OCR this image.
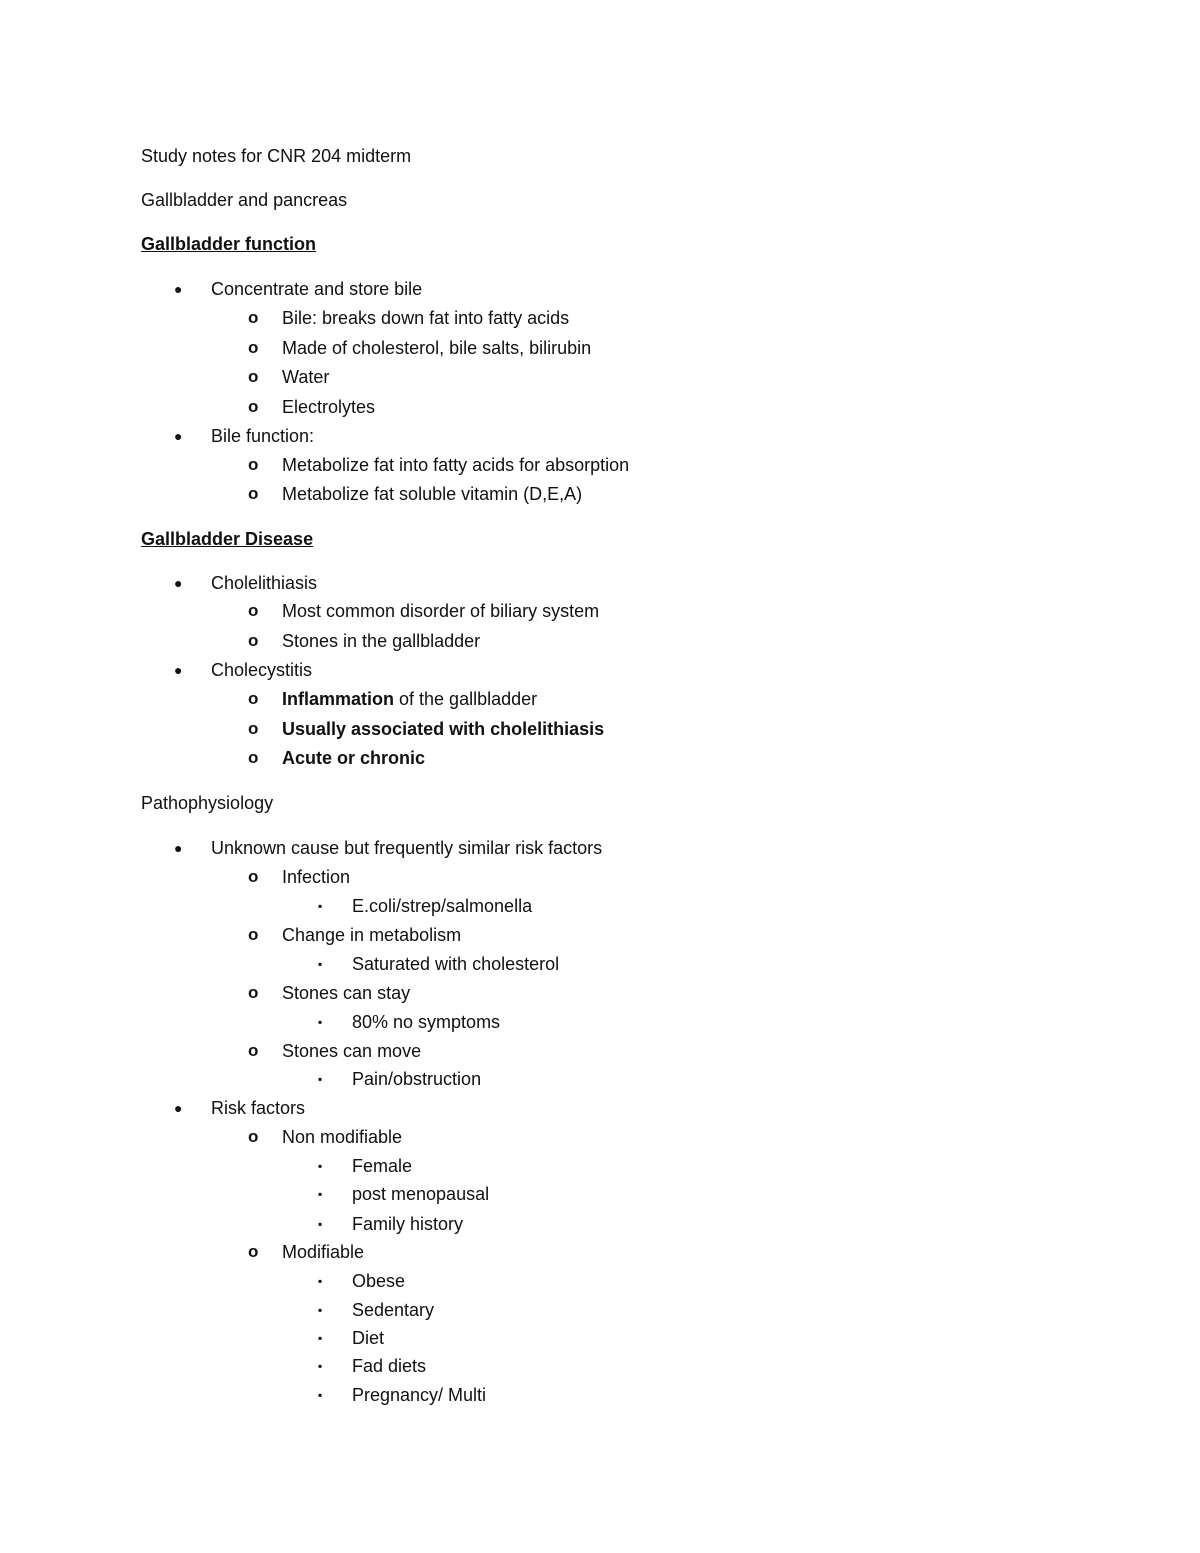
Study notes for CNR 204 midterm
Gallbladder and pancreas
Gallbladder function
● Concentrate and store bile
o Bile: breaks down fat into fatty acids
o Made of cholesterol, bile salts, bilirubin
o Water
o Electrolytes
● Bile function:
o Metabolize fat into fatty acids for absorption
o Metabolize fat soluble vitamin (D,E,A)
Gallbladder Disease
● Cholelithiasis
o Most common disorder of biliary system
o Stones in the gallbladder
● Cholecystitis
o Inflammation of the gallbladder
o Usually associated with cholelithiasis
o Acute or chronic
Pathophysiology
● Unknown cause but frequently similar risk factors
o Infection
▪ E.coli/strep/salmonella
o Change in metabolism
▪ Saturated with cholesterol
o Stones can stay
▪ 80% no symptoms
o Stones can move
▪ Pain/obstruction
● Risk factors
o Non modifiable
▪ Female
▪ post menopausal
▪ Family history
o Modifiable
▪ Obese
▪ Sedentary
▪ Diet
▪ Fad diets
▪ Pregnancy/ Multi
